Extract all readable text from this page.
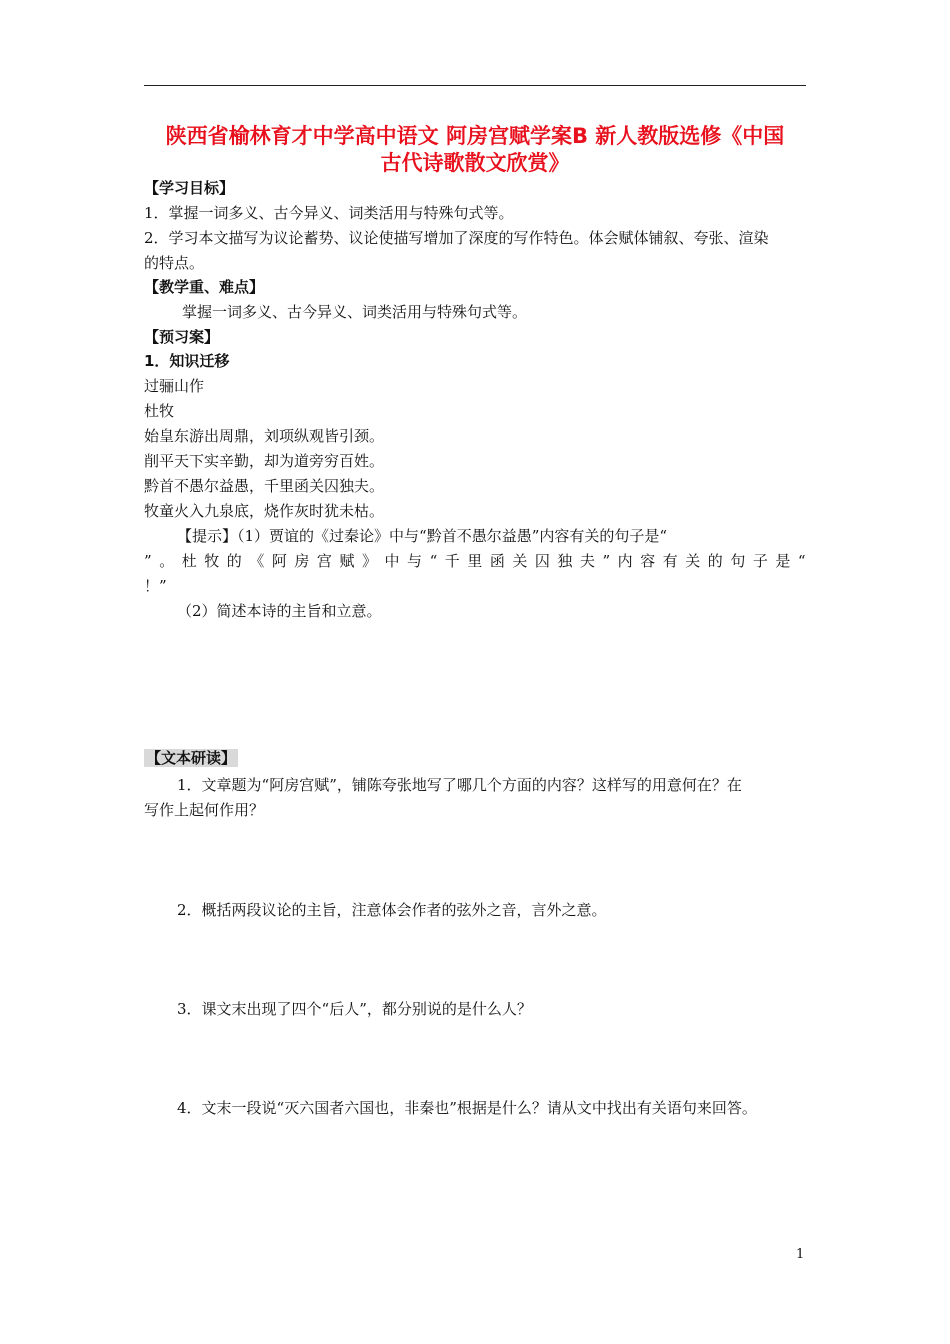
陕西省榆林育才中学高中语文 阿房宫赋学案B 新人教版选修《中国
古代诗歌散文欣赏》
【学习目标】
1．掌握一词多义、古今异义、词类活用与特殊句式等。
2．学习本文描写为议论蓄势、议论使描写增加了深度的写作特色。体会赋体铺叙、夸张、渲染
的特点。
【教学重、难点】
掌握一词多义、古今异义、词类活用与特殊句式等。
【预习案】
1．知识迁移
过骊山作
杜牧
始皇东游出周鼎，刘项纵观皆引颈。
削平天下实辛勤，却为道旁穷百姓。
黔首不愚尔益愚，千里函关囚独夫。
牧童火入九泉底，烧作灰时犹未枯。
【提示】（1）贾谊的《过秦论》中与“黔首不愚尔益愚”内容有关的句子是“
” 。 杜 牧 的 《 阿 房 宫 赋 》 中 与 “ 千 里 函 关 囚 独 夫 ” 内 容 有 关 的 句 子 是 “
！”
（2）简述本诗的主旨和立意。
【文本研读】
1．文章题为“阿房宫赋”，铺陈夸张地写了哪几个方面的内容？这样写的用意何在？在
写作上起何作用？
2．概括两段议论的主旨，注意体会作者的弦外之音，言外之意。
3．课文末出现了四个“后人”，都分别说的是什么人？
4．文末一段说“灭六国者六国也，非秦也”根据是什么？请从文中找出有关语句来回答。
1
